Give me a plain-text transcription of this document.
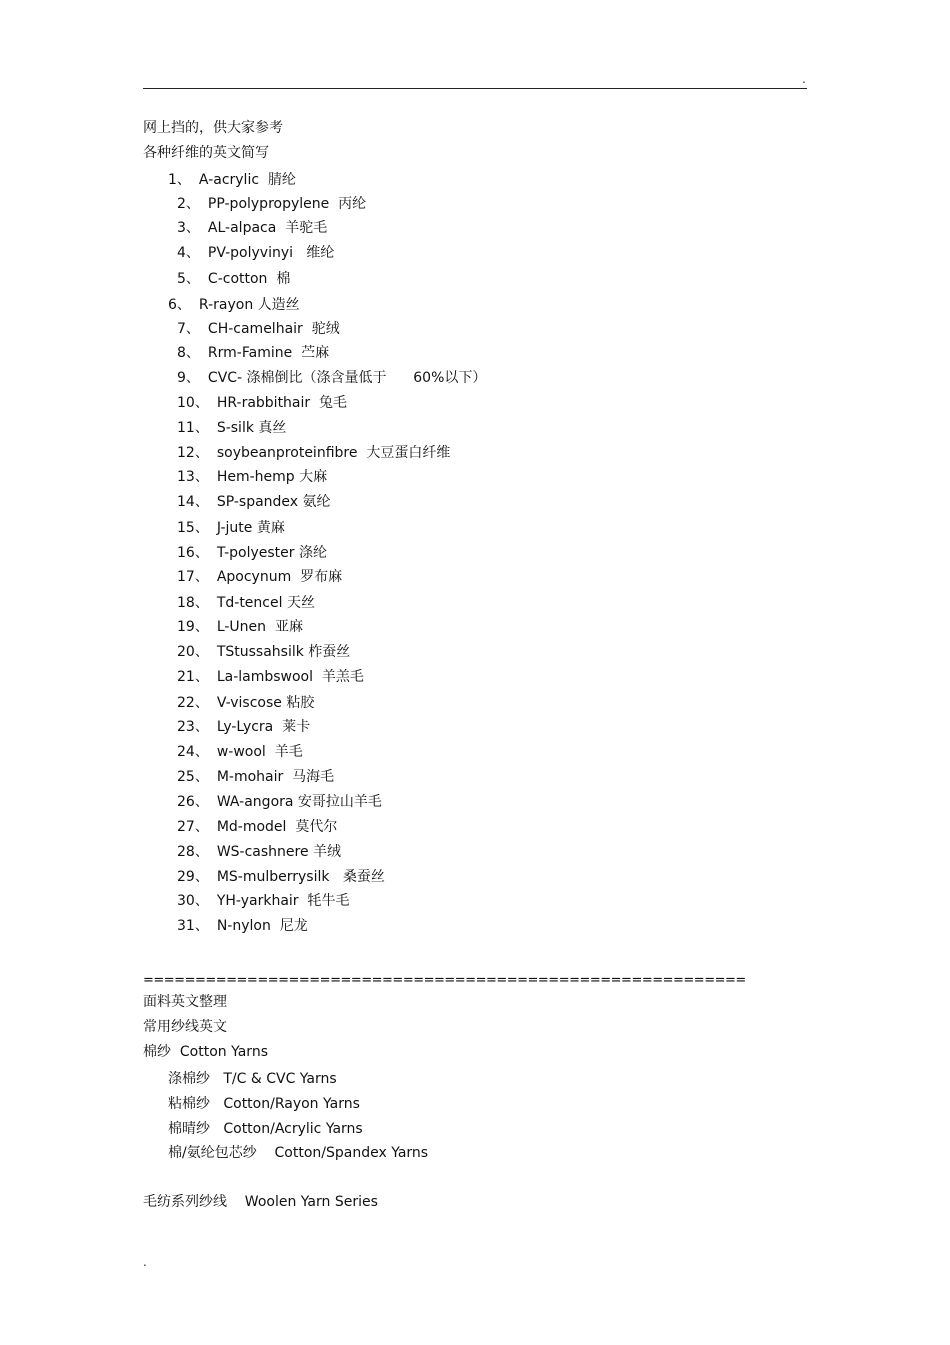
.
网上挡的，供大家参考
各种纤维的英文简写
1、 A-acrylic  腈纶
2、 PP-polypropylene  丙纶
3、 AL-alpaca  羊驼毛
4、 PV-polyvinyi   维纶
5、 C-cotton  棉
6、 R-rayon 人造丝
7、 CH-camelhair  驼绒
8、 Rrm-Famine  苎麻
9、 CVC- 涤棉倒比（涤含量低于      60%以下）
10、 HR-rabbithair  兔毛
11、 S-silk 真丝
12、 soybeanproteinfibre  大豆蛋白纤维
13、 Hem-hemp 大麻
14、 SP-spandex 氨纶
15、 J-jute 黄麻
16、 T-polyester 涤纶
17、 Apocynum  罗布麻
18、 Td-tencel 天丝
19、 L-Unen  亚麻
20、 TStussahsilk 柞蚕丝
21、 La-lambswool  羊羔毛
22、 V-viscose 粘胶
23、 Ly-Lycra  莱卡
24、 w-wool  羊毛
25、 M-mohair  马海毛
26、 WA-angora 安哥拉山羊毛
27、 Md-model  莫代尔
28、 WS-cashnere 羊绒
29、 MS-mulberrysilk   桑蚕丝
30、 YH-yarkhair  牦牛毛
31、 N-nylon  尼龙
==========================================================
面料英文整理
常用纱线英文
棉纱  Cotton Yarns
涤棉纱   T/C & CVC Yarns
粘棉纱   Cotton/Rayon Yarns
棉晴纱   Cotton/Acrylic Yarns
棉/氨纶包芯纱    Cotton/Spandex Yarns
毛纺系列纱线    Woolen Yarn Series
.
